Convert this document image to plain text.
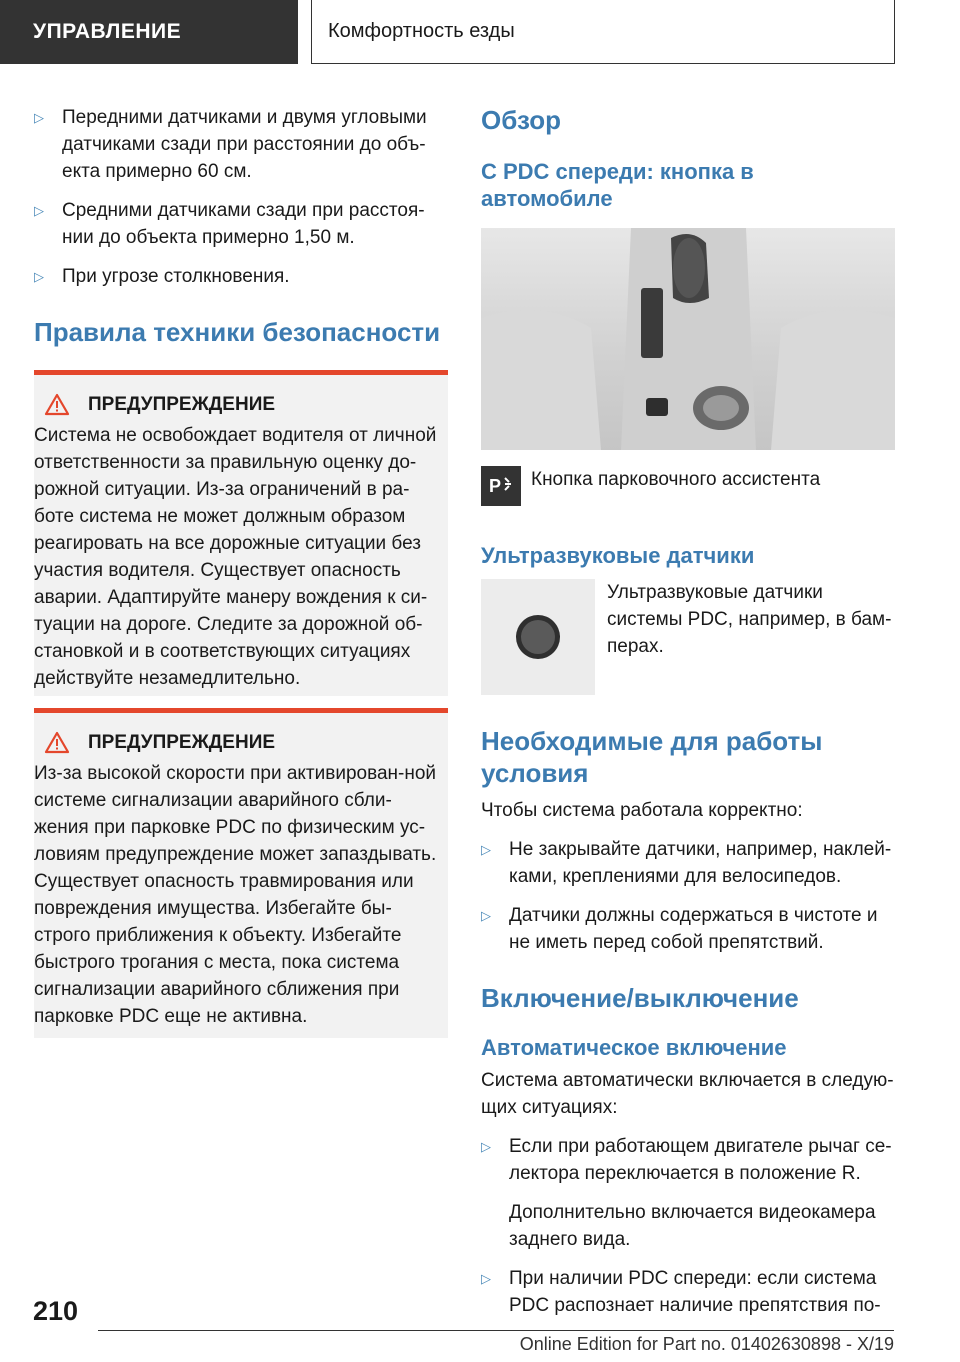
УПРАВЛЕНИЕ	Комфортность езды
▷ Передними датчиками и двумя угловыми датчиками сзади при расстоянии до объ-екта примерно 60 см.
▷ Средними датчиками сзади при расстоя-нии до объекта примерно 1,50 м.
▷ При угрозе столкновения.
Правила техники безопасности
ПРЕДУПРЕЖДЕНИЕ
Система не освобождает водителя от личной ответственности за правильную оценку до-рожной ситуации. Из-за ограничений в ра-боте система не может должным образом реагировать на все дорожные ситуации без участия водителя. Существует опасность аварии. Адаптируйте манеру вождения к си-туации на дороге. Следите за дорожной об-становкой и в соответствующих ситуациях действуйте незамедлительно.
ПРЕДУПРЕЖДЕНИЕ
Из-за высокой скорости при активирован-ной системе сигнализации аварийного сбли-жения при парковке PDC по физическим ус-ловиям предупреждение может запаздывать. Существует опасность травмирования или повреждения имущества. Избегайте бы-строго приближения к объекту. Избегайте быстрого трогания с места, пока система сигнализации аварийного сближения при парковке PDC еще не активна.
Обзор
С PDC спереди: кнопка в автомобиле
P Кнопка парковочного ассистента
Ультразвуковые датчики
Ультразвуковые датчики системы PDC, например, в бам-перах.
Необходимые для работы условия
Чтобы система работала корректно:
▷ Не закрывайте датчики, например, наклей-ками, креплениями для велосипедов.
▷ Датчики должны содержаться в чистоте и не иметь перед собой препятствий.
Включение/выключение
Автоматическое включение
Система автоматически включается в следую-щих ситуациях:
▷ Если при работающем двигателе рычаг се-лектора переключается в положение R.
Дополнительно включается видеокамера заднего вида.
▷ При наличии PDC спереди: если система PDC распознает наличие препятствия по-
210
Online Edition for Part no. 01402630898 - X/19
